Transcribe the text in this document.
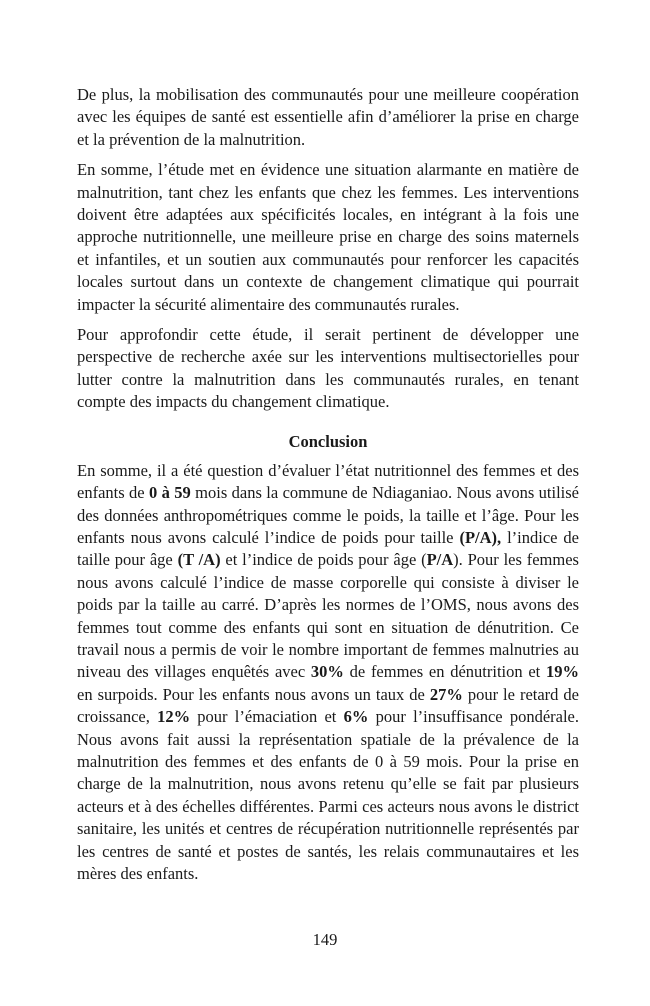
De plus, la mobilisation des communautés pour une meilleure coopération avec les équipes de santé est essentielle afin d’améliorer la prise en charge et la prévention de la malnutrition.

En somme, l’étude met en évidence une situation alarmante en matière de malnutrition, tant chez les enfants que chez les femmes. Les interventions doivent être adaptées aux spécificités locales, en intégrant à la fois une approche nutritionnelle, une meilleure prise en charge des soins maternels et infantiles, et un soutien aux communautés pour renforcer les capacités locales surtout dans un contexte de changement climatique qui pourrait impacter la sécurité alimentaire des communautés rurales.

Pour approfondir cette étude, il serait pertinent de développer une perspective de recherche axée sur les interventions multisectorielles pour lutter contre la malnutrition dans les communautés rurales, en tenant compte des impacts du changement climatique.

Conclusion

En somme, il a été question d’évaluer l’état nutritionnel des femmes et des enfants de 0 à 59 mois dans la commune de Ndiaganiao. Nous avons utilisé des données anthropométriques comme le poids, la taille et l’âge. Pour les enfants nous avons calculé l’indice de poids pour taille (P/A), l’indice de taille pour âge (T /A) et l’indice de poids pour âge (P/A). Pour les femmes nous avons calculé l’indice de masse corporelle qui consiste à diviser le poids par la taille au carré. D’après les normes de l’OMS, nous avons des femmes tout comme des enfants qui sont en situation de dénutrition. Ce travail nous a permis de voir le nombre important de femmes malnutries au niveau des villages enquêtés avec 30% de femmes en dénutrition et 19% en surpoids. Pour les enfants nous avons un taux de 27% pour le retard de croissance, 12% pour l’émaciation et 6% pour l’insuffisance pondérale. Nous avons fait aussi la représentation spatiale de la prévalence de la malnutrition des femmes et des enfants de 0 à 59 mois. Pour la prise en charge de la malnutrition, nous avons retenu qu’elle se fait par plusieurs acteurs et à des échelles différentes. Parmi ces acteurs nous avons le district sanitaire, les unités et centres de récupération nutritionnelle représentés par les centres de santé et postes de santés, les relais communautaires et les mères des enfants.

149
